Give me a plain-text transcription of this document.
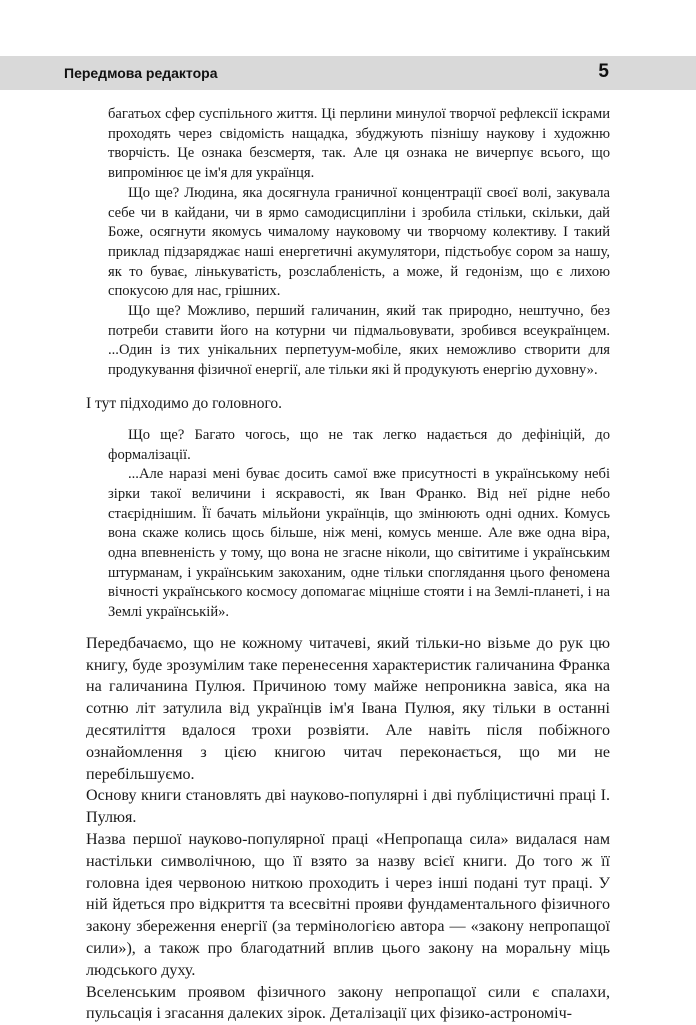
Передмова редактора	5

багатьох сфер суспільного життя. Ці перлини минулої творчої рефлексії іскрами проходять через свідомість нащадка, збуджують пізнішу наукову і художню творчість. Це ознака безсмертя, так. Але ця ознака не вичерпує всього, що випромінює це ім'я для українця.

Що ще? Людина, яка досягнула граничної концентрації своєї волі, закувала себе чи в кайдани, чи в ярмо самодисципліни і зробила стільки, скільки, дай Боже, осягнути якомусь чималому науковому чи творчому колективу. І такий приклад підзаряджає наші енергетичні акумулятори, підстьобує сором за нашу, як то буває, лінькуватість, розслабленість, а може, й гедонізм, що є лихою спокусою для нас, грішних.

Що ще? Можливо, перший галичанин, який так природно, нештучно, без потреби ставити його на котурни чи підмальовувати, зробився всеукраїнцем. ...Один із тих унікальних перпетуум-мобіле, яких неможливо створити для продукування фізичної енергії, але тільки які й продукують енергію духовну».

І тут підходимо до головного.

Що ще? Багато чогось, що не так легко надається до дефініцій, до формалізації.

...Але наразі мені буває досить самої вже присутності в українському небі зірки такої величини і яскравості, як Іван Франко. Від неї рідне небо стаєріднішим. Її бачать мільйони українців, що змінюють одні одних. Комусь вона скаже колись щось більше, ніж мені, комусь менше. Але вже одна віра, одна впевненість у тому, що вона не згасне ніколи, що світитиме і українським штурманам, і українським закоханим, одне тільки споглядання цього феномена вічності українського космосу допомагає міцніше стояти і на Землі-планеті, і на Землі українській».

Передбачаємо, що не кожному читачеві, який тільки-но візьме до рук цю книгу, буде зрозумілим таке перенесення характеристик галичанина Франка на галичанина Пулюя. Причиною тому майже непроникна завіса, яка на сотню літ затулила від українців ім'я Івана Пулюя, яку тільки в останні десятиліття вдалося трохи розвіяти. Але навіть після побіжного ознайомлення з цією книгою читач переконається, що ми не перебільшуємо.

Основу книги становлять дві науково-популярні і дві публіцистичні праці І. Пулюя.

Назва першої науково-популярної праці «Непропаща сила» видалася нам настільки символічною, що її взято за назву всієї книги. До того ж її головна ідея червоною ниткою проходить і через інші подані тут праці. У ній йдеться про відкриття та всесвітні прояви фундаментального фізичного закону збереження енергії (за термінологією автора — «закону непропащої сили»), а також про благодатний вплив цього закону на моральну міць людського духу.

Вселенським проявом фізичного закону непропащої сили є спалахи, пульсація і згасання далеких зірок. Деталізації цих фізико-астрономіч-
